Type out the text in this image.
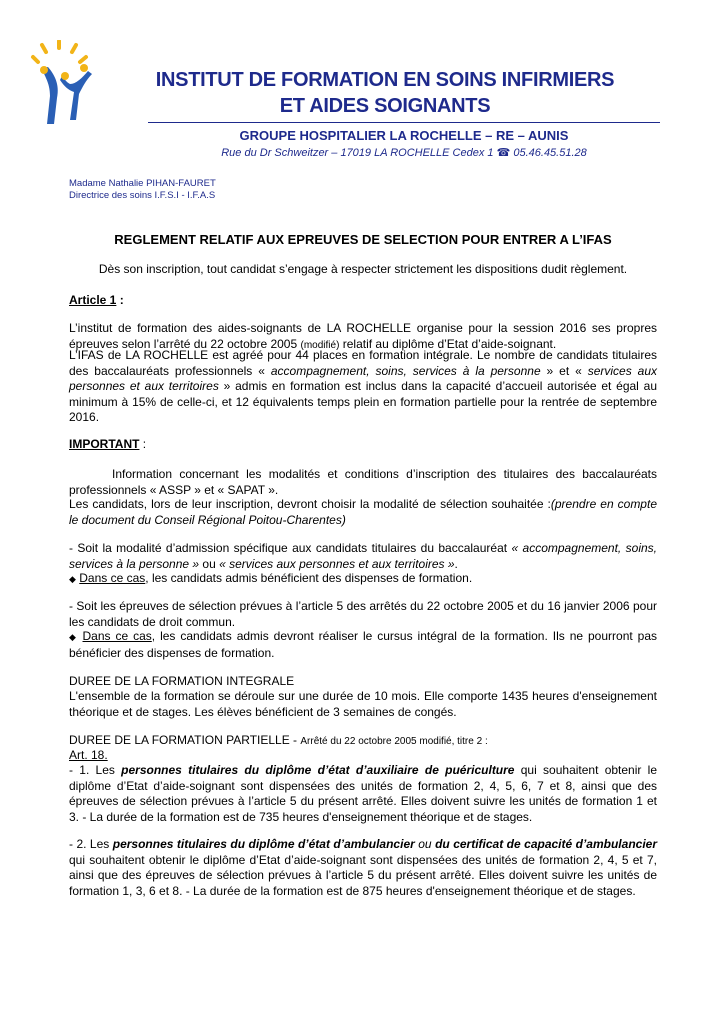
INSTITUT DE FORMATION EN SOINS INFIRMIERS
ET AIDES SOIGNANTS
GROUPE HOSPITALIER LA ROCHELLE – RE – AUNIS
Rue du Dr Schweitzer – 17019 LA ROCHELLE Cedex 1 ☎ 05.46.45.51.28
Madame Nathalie PIHAN-FAURET
Directrice des soins I.F.S.I - I.F.A.S
REGLEMENT RELATIF AUX EPREUVES DE SELECTION POUR ENTRER A L’IFAS
Dès son inscription, tout candidat s’engage à respecter strictement les dispositions dudit règlement.
Article 1 :
L’institut de formation des aides-soignants de LA ROCHELLE organise pour la session 2016 ses propres épreuves selon l’arrêté du 22 octobre 2005 (modifié) relatif au diplôme d’Etat d’aide-soignant.
L’IFAS de LA ROCHELLE est agréé pour 44 places en formation intégrale. Le nombre de candidats titulaires des baccalauréats professionnels « accompagnement, soins, services à la personne » et « services aux personnes et aux territoires » admis en formation est inclus dans la capacité d’accueil autorisée et égal au minimum à 15% de celle-ci, et 12 équivalents temps plein en formation partielle pour la rentrée de septembre 2016.
IMPORTANT :
Information concernant les modalités et conditions d’inscription des titulaires des baccalauréats professionnels « ASSP » et « SAPAT ».
Les candidats, lors de leur inscription, devront choisir la modalité de sélection souhaitée :(prendre en compte le document du Conseil Régional Poitou-Charentes)
- Soit la modalité d’admission spécifique aux candidats titulaires du baccalauréat « accompagnement, soins, services à la personne » ou « services aux personnes et aux territoires ».
◆ Dans ce cas, les candidats admis bénéficient des dispenses de formation.
- Soit les épreuves de sélection prévues à l’article 5 des arrêtés du 22 octobre 2005 et du 16 janvier 2006 pour les candidats de droit commun.
◆ Dans ce cas, les candidats admis devront réaliser le cursus intégral de la formation. Ils ne pourront pas bénéficier des dispenses de formation.
DUREE DE LA FORMATION INTEGRALE
L'ensemble de la formation se déroule sur une durée de 10 mois. Elle comporte 1435 heures d'enseignement théorique et de stages. Les élèves bénéficient de 3 semaines de congés.
DUREE DE LA FORMATION PARTIELLE - Arrêté du 22 octobre 2005 modifié, titre 2 :
Art. 18.
- 1. Les personnes titulaires du diplôme d’état d’auxiliaire de puériculture qui souhaitent obtenir le diplôme d’Etat d’aide-soignant sont dispensées des unités de formation 2, 4, 5, 6, 7 et 8, ainsi que des épreuves de sélection prévues à l’article 5 du présent arrêté. Elles doivent suivre les unités de formation 1 et 3. - La durée de la formation est de 735 heures d'enseignement théorique et de stages.
- 2. Les personnes titulaires du diplôme d’état d’ambulancier ou du certificat de capacité d’ambulancier qui souhaitent obtenir le diplôme d’Etat d’aide-soignant sont dispensées des unités de formation 2, 4, 5 et 7, ainsi que des épreuves de sélection prévues à l’article 5 du présent arrêté. Elles doivent suivre les unités de formation 1, 3, 6 et 8. - La durée de la formation est de 875 heures d'enseignement théorique et de stages.
